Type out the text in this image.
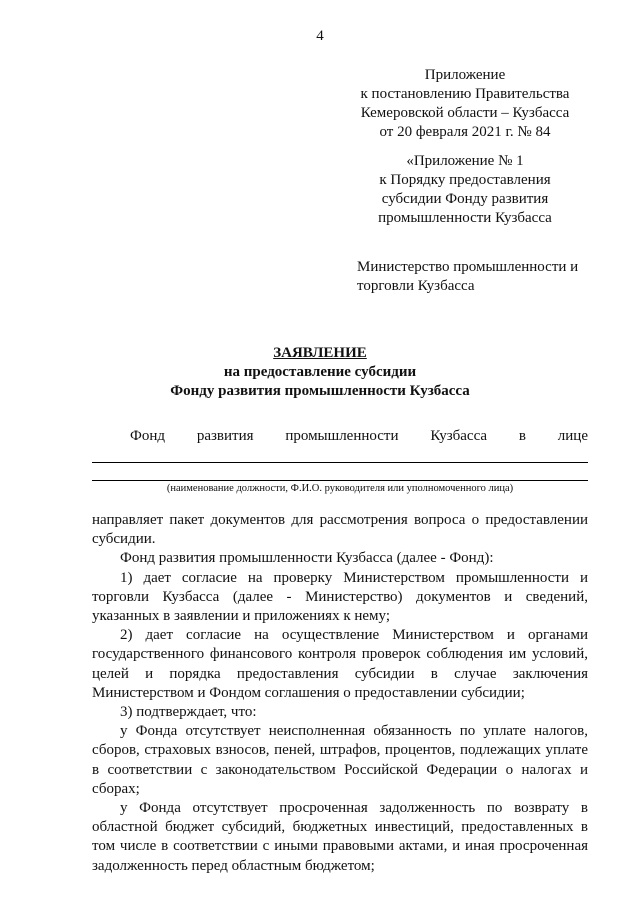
4
Приложение
к постановлению Правительства
Кемеровской области – Кузбасса
от 20 февраля 2021 г. № 84
«Приложение № 1
к Порядку предоставления
субсидии Фонду развития
промышленности Кузбасса
Министерство промышленности и
торговли Кузбасса
ЗАЯВЛЕНИЕ
на предоставление субсидии
Фонду развития промышленности Кузбасса
Фонд развития промышленности Кузбасса в лице
(наименование должности, Ф.И.О. руководителя или уполномоченного лица)

направляет пакет документов для рассмотрения вопроса о предоставлении субсидии.

Фонд развития промышленности Кузбасса (далее - Фонд):

1) дает согласие на проверку Министерством промышленности и торговли Кузбасса (далее - Министерство) документов и сведений, указанных в заявлении и приложениях к нему;

2) дает согласие на осуществление Министерством и органами государственного финансового контроля проверок соблюдения им условий, целей и порядка предоставления субсидии в случае заключения Министерством и Фондом соглашения о предоставлении субсидии;

3) подтверждает, что:

у Фонда отсутствует неисполненная обязанность по уплате налогов, сборов, страховых взносов, пеней, штрафов, процентов, подлежащих уплате в соответствии с законодательством Российской Федерации о налогах и сборах;

у Фонда отсутствует просроченная задолженность по возврату в областной бюджет субсидий, бюджетных инвестиций, предоставленных в том числе в соответствии с иными правовыми актами, и иная просроченная задолженность перед областным бюджетом;
